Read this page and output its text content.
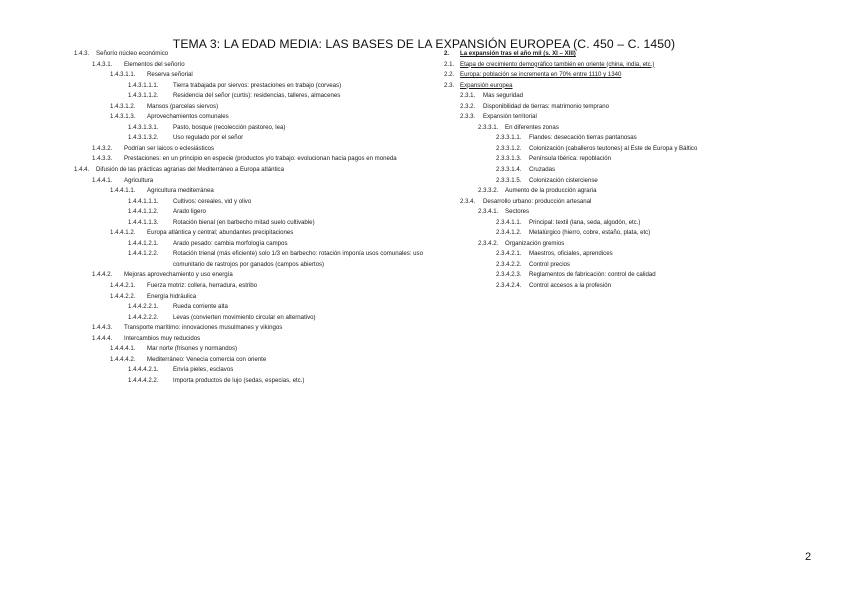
TEMA 3: LA EDAD MEDIA: LAS BASES DE LA EXPANSIÓN EUROPEA (C. 450 – C. 1450)
1.4.3.	Señorío núcleo económico
1.4.3.1.	Elementos del señorío
1.4.3.1.1.	Reserva señorial
1.4.3.1.1.1.	Tierra trabajada por siervos: prestaciones en trabajo (corveas)
1.4.3.1.1.2.	Residencia del señor (curtis): residencias, talleres, almacenes
1.4.3.1.2.	Mansos (parcelas siervos)
1.4.3.1.3.	Aprovechamientos comunales
1.4.3.1.3.1.	Pasto, bosque (recolección pastoreo, lea)
1.4.3.1.3.2.	Uso regulado por el señor
1.4.3.2.	Podrían ser laicos o eclesiásticos
1.4.3.3.	Prestaciones: en un principio en especie (productos y/o trabajo: evolucionan hacia pagos en moneda
1.4.4.	Difusión de las prácticas agrarias del Mediterráneo a Europa atlántica
1.4.4.1.	Agricultura
1.4.4.1.1.	Agricultura mediterránea
1.4.4.1.1.1.	Cultivos: cereales, vid y olivo
1.4.4.1.1.2.	Arado ligero
1.4.4.1.1.3.	Rotación bienal (en barbecho mitad suelo cultivable)
1.4.4.1.2.	Europa atlántica y central; abundantes precipitaciones
1.4.4.1.2.1.	Arado pesado: cambia morfología campos
1.4.4.1.2.2.	Rotación trienal (más eficiente) solo 1/3 en barbecho: rotación imponía usos comunales: uso comunitario de rastrojos por ganados (campos abiertos)
1.4.4.2.	Mejoras aprovechamiento y uso energía
1.4.4.2.1.	Fuerza motriz: collera, herradura, estribo
1.4.4.2.2.	Energía hidráulica
1.4.4.2.2.1.	Rueda corriente alta
1.4.4.2.2.2.	Levas (convierten movimiento circular en alternativo)
1.4.4.3.	Transporte marítimo: innovaciones musulmanes y vikingos
1.4.4.4.	Intercambios muy reducidos
1.4.4.4.1.	Mar norte (frisones y normandos)
1.4.4.4.2.	Mediterráneo: Venecia comercia con oriente
1.4.4.4.2.1.	Envía pieles, esclavos
1.4.4.4.2.2.	Importa productos de lujo (sedas, especias, etc.)
2.	La expansión tras el año mil (s. XI – XIII)
2.1. Etapa de crecimiento demográfico también en oriente (china, india, etc.)
2.2. Europa: población se incrementa en 70% entre 1110 y 1340
2.3. Expansión europea
2.3.1.	Mas seguridad
2.3.2.	Disponibilidad de tierras: matrimonio temprano
2.3.3.	Expansión territorial
2.3.3.1.	En diferentes zonas
2.3.3.1.1.	Flandes: desecación tierras pantanosas
2.3.3.1.2.	Colonización (caballeros teutones) al Este de Europa y Báltico
2.3.3.1.3.	Península Ibérica: repoblación
2.3.3.1.4.	Cruzadas
2.3.3.1.5.	Colonización cisterciense
2.3.3.2.	Aumento de la producción agraria
2.3.4.	Desarrollo urbano: producción artesanal
2.3.4.1.	Sectores
2.3.4.1.1.	Principal: textil (lana, seda, algodón, etc.)
2.3.4.1.2.	Metalúrgico (hierro, cobre, estaño, plata, etc)
2.3.4.2.	Organización gremios
2.3.4.2.1.	Maestros, oficiales, aprendices
2.3.4.2.2.	Control precios
2.3.4.2.3.	Reglamentos de fabricación: control de calidad
2.3.4.2.4.	Control accesos a la profesión
2
